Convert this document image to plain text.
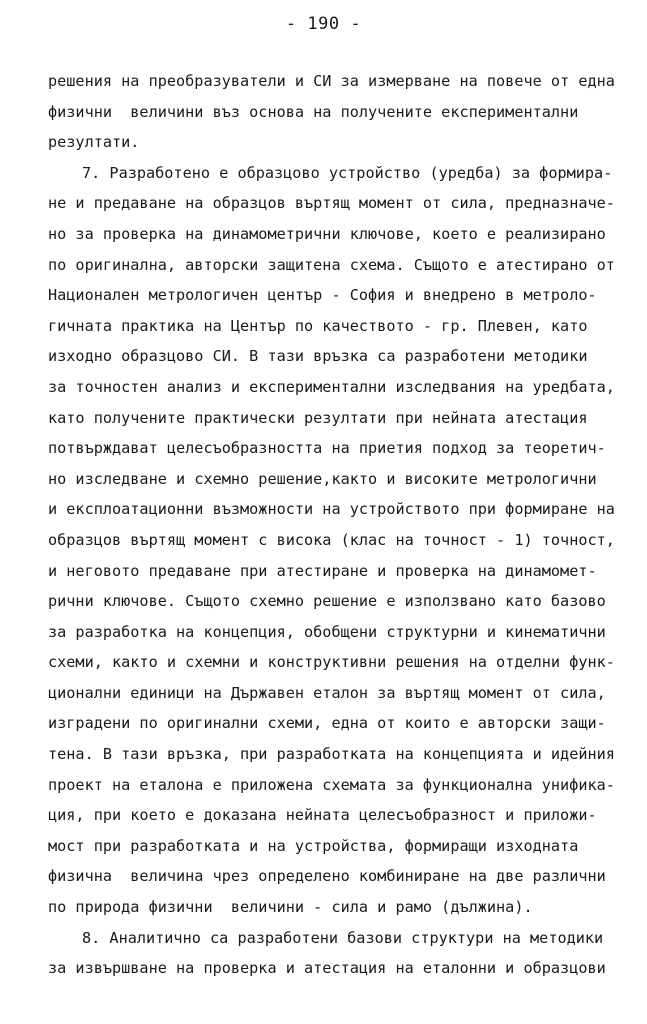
- 190 -
решения на преобразуватели и СИ за измерване на повече от една
физични  величини въз основа на получените експериментални
резултати.
7. Разработено е образцово устройство (уредба) за формира-
не и предаване на образцов въртящ момент от сила, предназначе-
но за проверка на динамометрични ключове, което е реализирано
по оригинална, авторски защитена схема. Същото е атестирано от
Национален метрологичен център - София и внедрено в метроло-
гичната практика на Център по качеството - гр. Плевен, като
изходно образцово СИ. В тази връзка са разработени методики
за точностен анализ и експериментални изследвания на уредбата,
като получените практически резултати при нейната атестация
потвърждават целесъобразността на приетия подход за теоретич-
но изследване и схемно решение,както и високите метрологични
и експлоатационни възможности на устройството при формиране на
образцов въртящ момент с висока (клас на точност - 1) точност,
и неговото предаване при атестиране и проверка на динамомет-
рични ключове. Същото схемно решение е използвано като базово
за разработка на концепция, обобщени структурни и кинематични
схеми, както и схемни и конструктивни решения на отделни функ-
ционални единици на Държавен еталон за въртящ момент от сила,
изградени по оригинални схеми, една от които е авторски защи-
тена. В тази връзка, при разработката на концепцията и идейния
проект на еталона е приложена схемата за функционална унифика-
ция, при което е доказана нейната целесъобразност и приложи-
мост при разработката и на устройства, формиращи изходната
физична  величина чрез определено комбиниране на две различни
по природа физични  величини - сила и рамо (дължина).
8. Аналитично са разработени базови структури на методики
за извършване на проверка и атестация на еталонни и образцови
